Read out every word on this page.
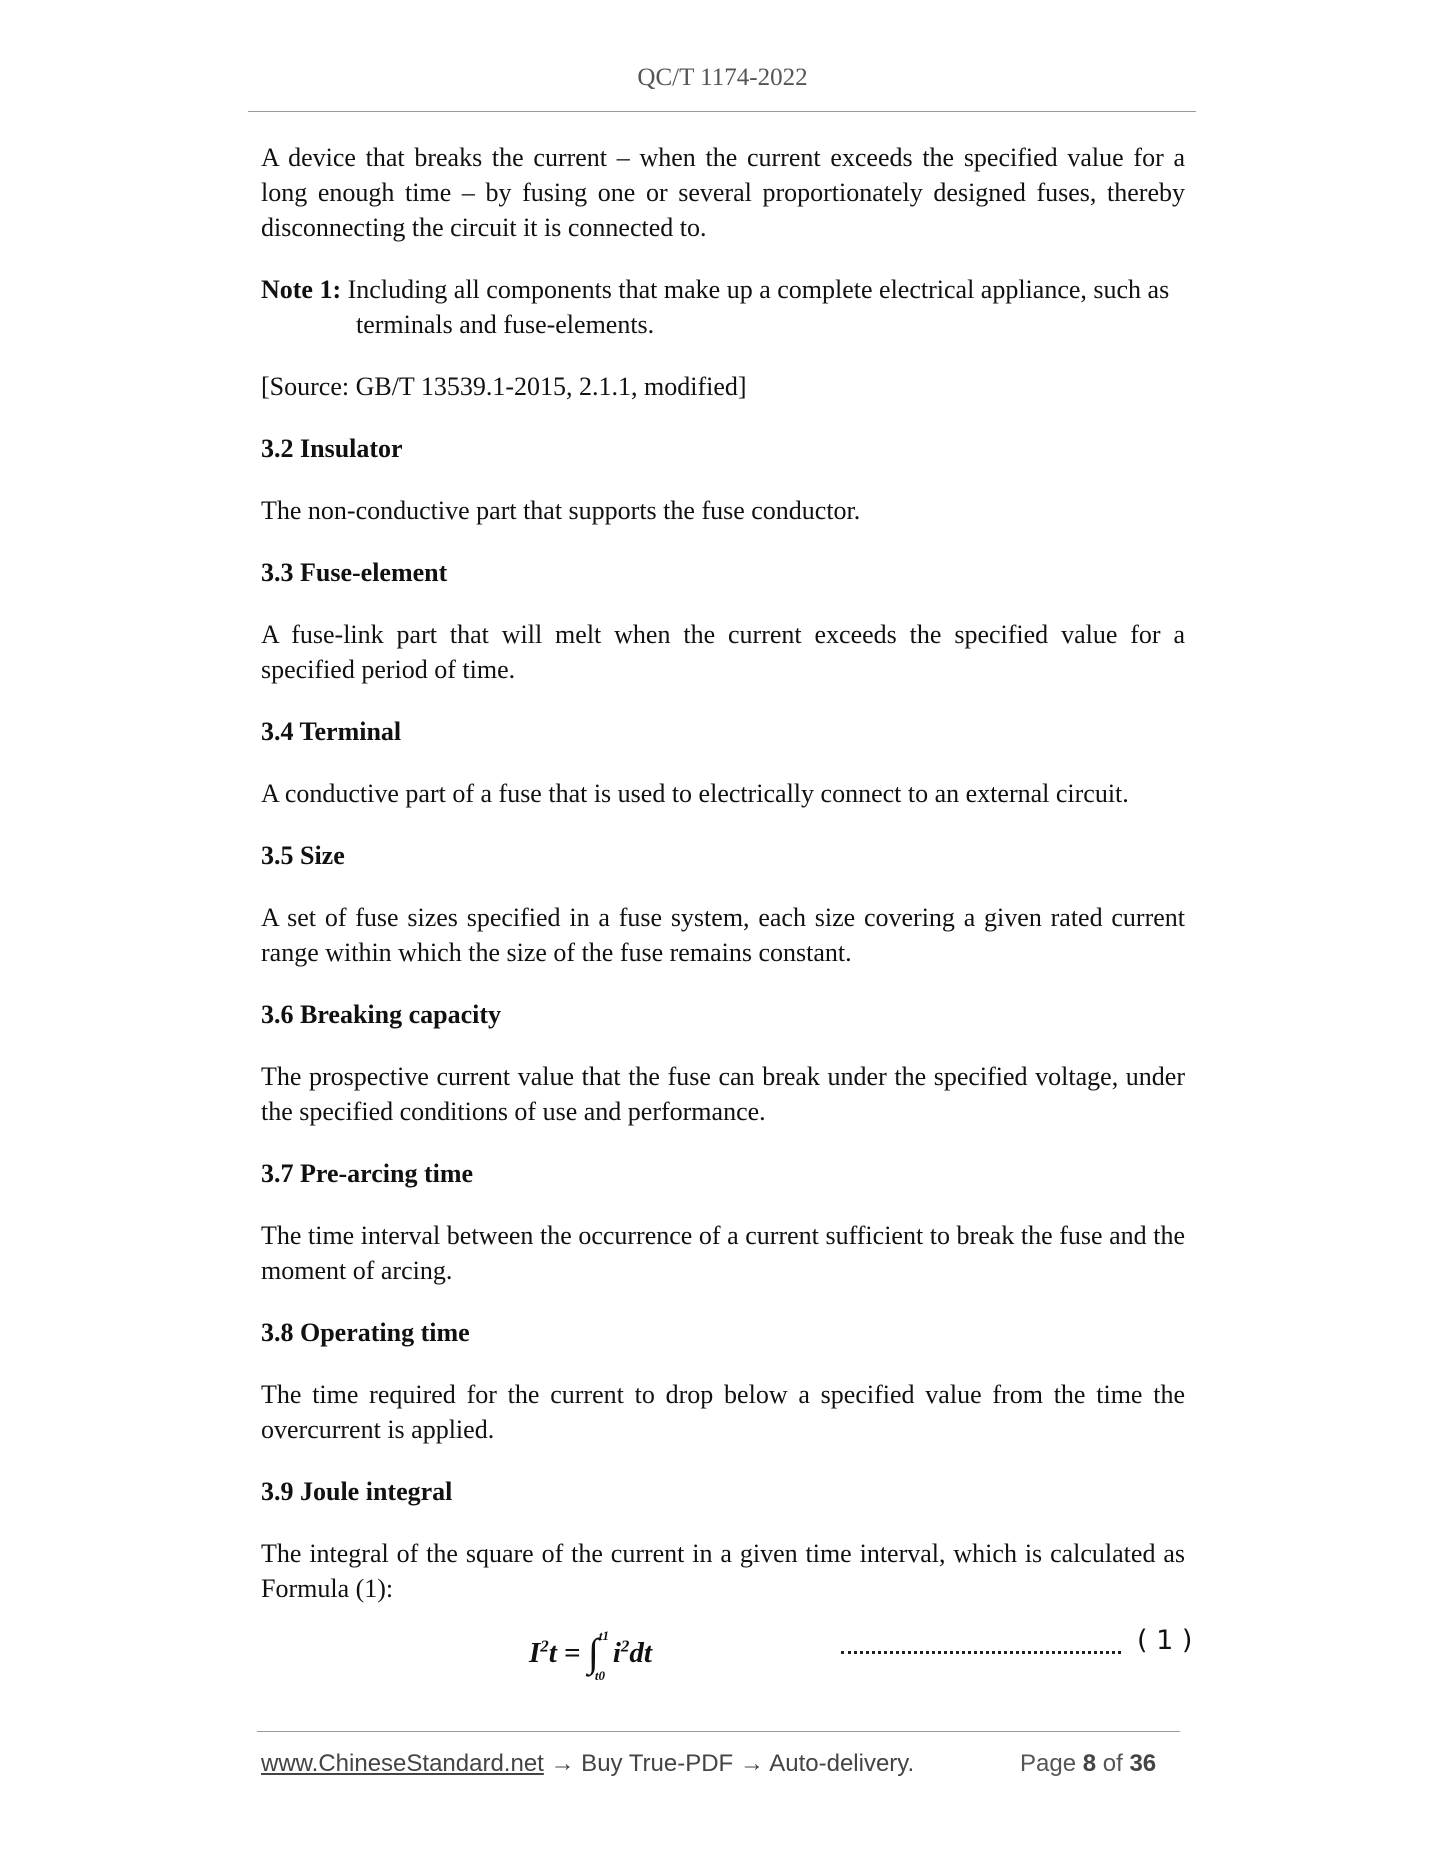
QC/T 1174-2022

A device that breaks the current – when the current exceeds the specified value for a long enough time – by fusing one or several proportionately designed fuses, thereby disconnecting the circuit it is connected to.

Note 1: Including all components that make up a complete electrical appliance, such as terminals and fuse-elements.

[Source: GB/T 13539.1-2015, 2.1.1, modified]

3.2 Insulator

The non-conductive part that supports the fuse conductor.

3.3 Fuse-element

A fuse-link part that will melt when the current exceeds the specified value for a specified period of time.

3.4 Terminal

A conductive part of a fuse that is used to electrically connect to an external circuit.

3.5 Size

A set of fuse sizes specified in a fuse system, each size covering a given rated current range within which the size of the fuse remains constant.

3.6 Breaking capacity

The prospective current value that the fuse can break under the specified voltage, under the specified conditions of use and performance.

3.7 Pre-arcing time

The time interval between the occurrence of a current sufficient to break the fuse and the moment of arcing.

3.8 Operating time

The time required for the current to drop below a specified value from the time the overcurrent is applied.

3.9 Joule integral

The integral of the square of the current in a given time interval, which is calculated as Formula (1):

$I^2t$ = ∫ t1
t0
$i^2dt$	( 1 )
www.ChineseStandard.net → Buy True-PDF → Auto-delivery.	Page 8 of 36
